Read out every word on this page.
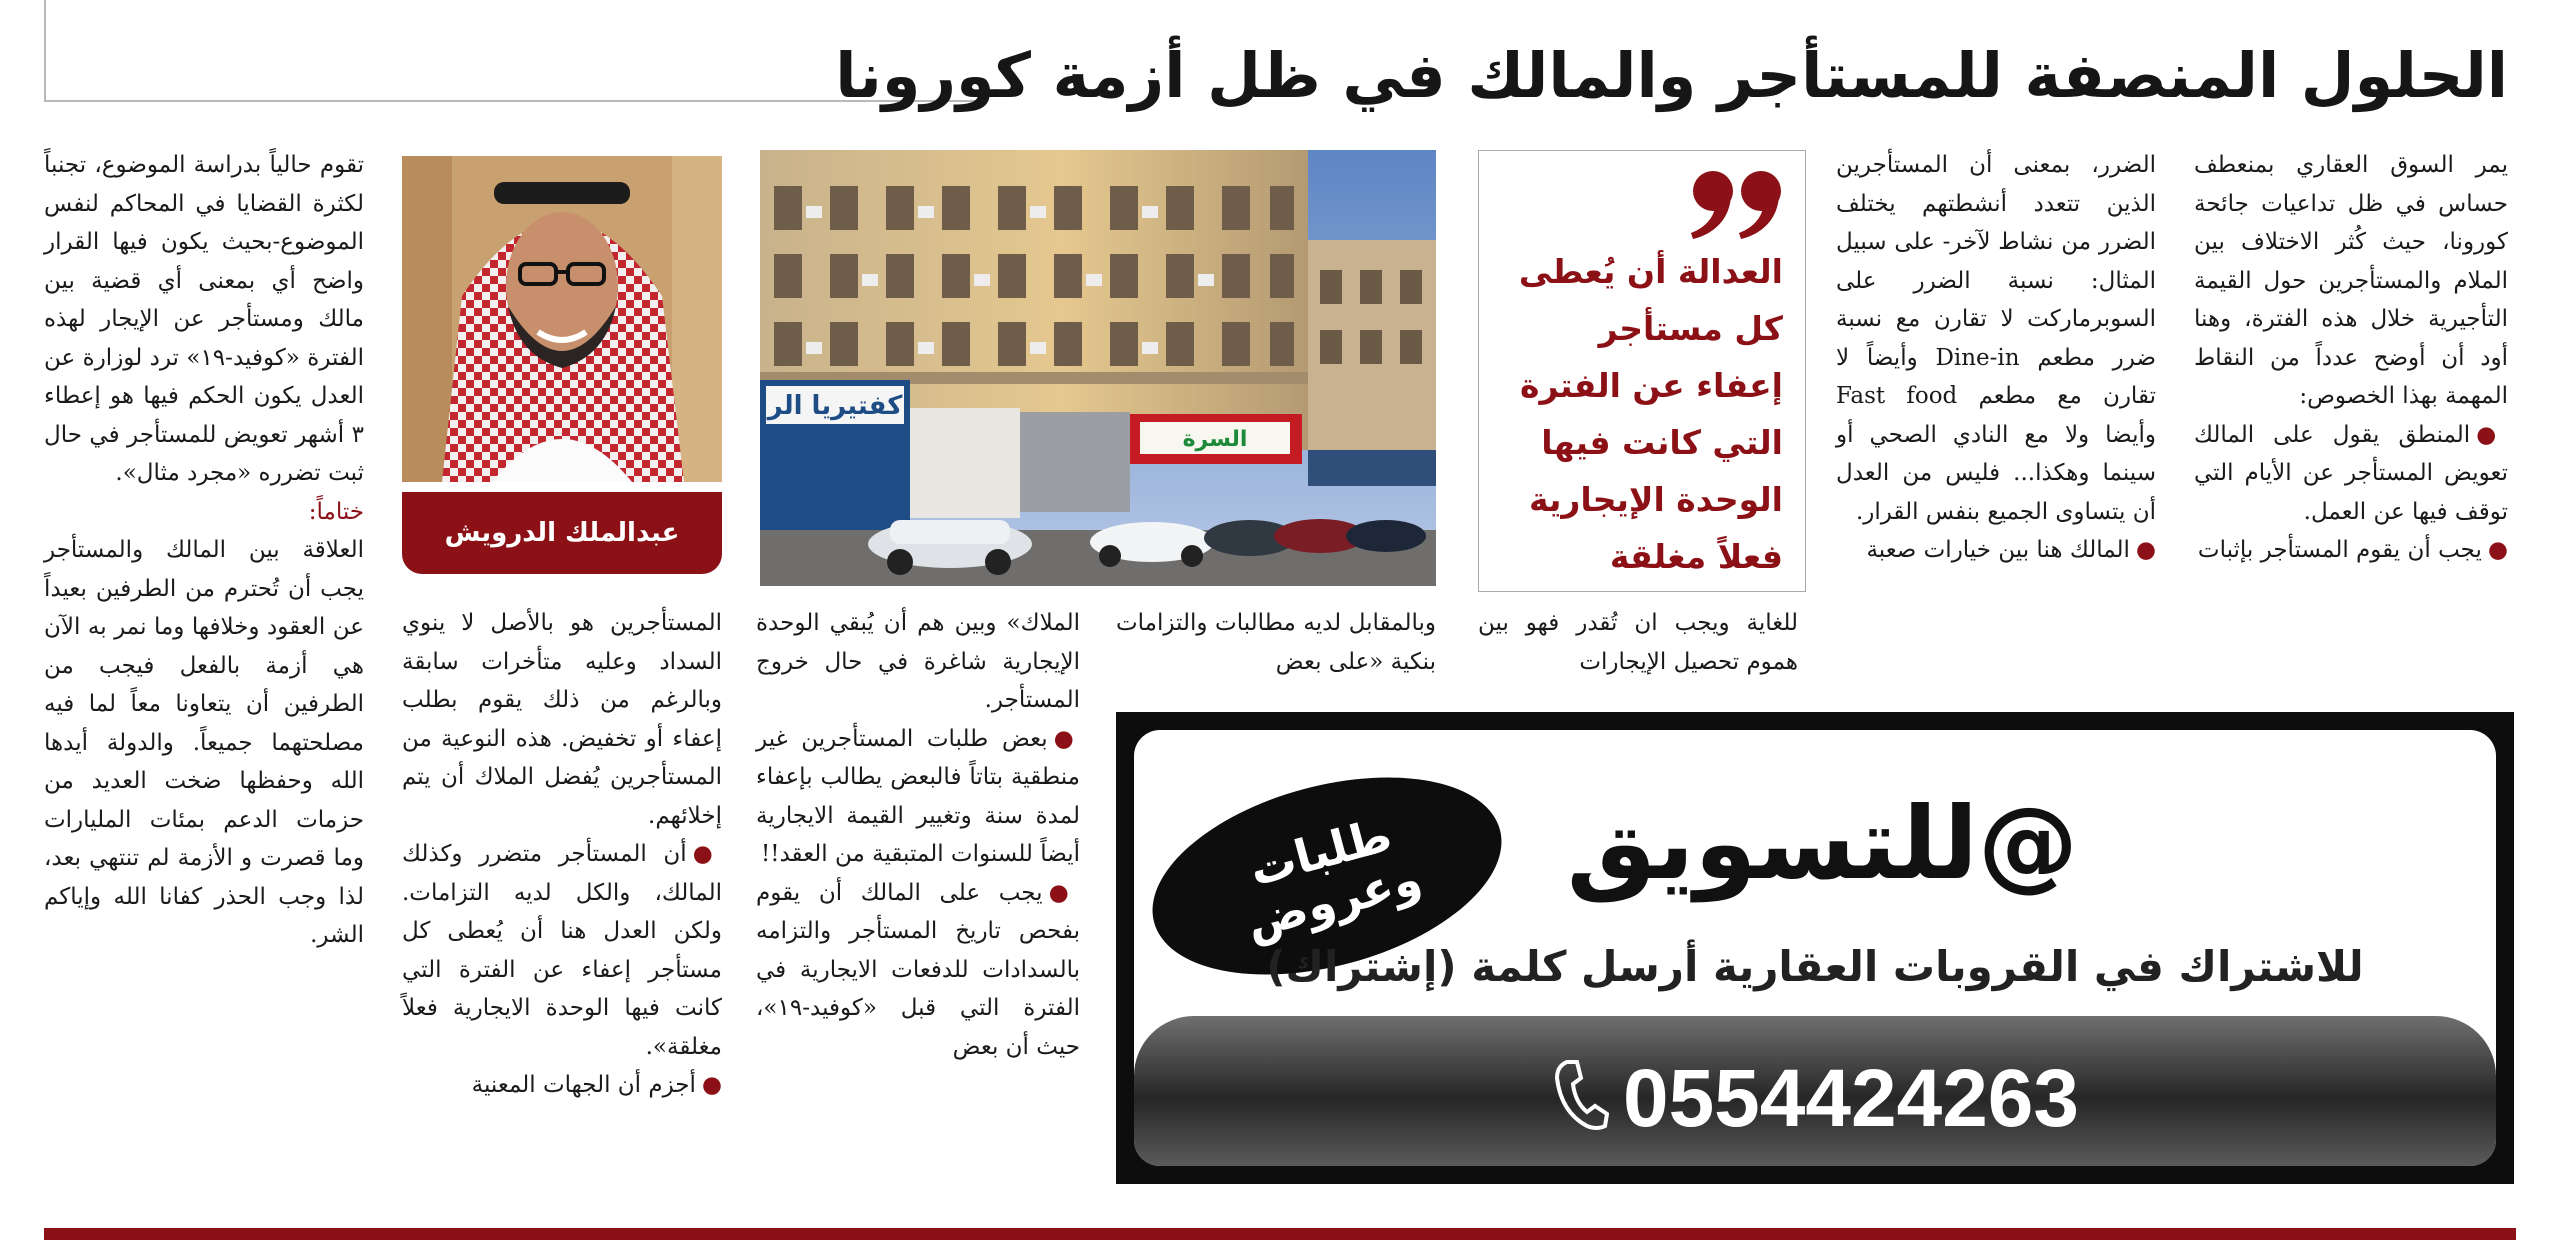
الحلول المنصفة للمستأجر والمالك في ظل أزمة كورونا

يمر السوق العقاري بمنعطف حساس في ظل تداعيات جائحة كورونا، حيث كُثر الاختلاف بين الملام والمستأجرين حول القيمة التأجيرية خلال هذه الفترة، وهنا أود أن أوضح عدداً من النقاط المهمة بهذا الخصوص:

●المنطق يقول على المالك تعويض المستأجر عن الأيام التي توقف فيها عن العمل.

●يجب أن يقوم المستأجر بإثبات

الضرر، بمعنى أن المستأجرين الذين تتعدد أنشطتهم يختلف الضرر من نشاط لآخر- على سبيل المثال: نسبة الضرر على السوبرماركت لا تقارن مع نسبة ضرر مطعم Dine-in وأيضاً لا تقارن مع مطعم Fast food وأيضا ولا مع النادي الصحي أو سينما وهكذا... فليس من العدل أن يتساوى الجميع بنفس القرار.

●المالك هنا بين خيارات صعبة

للغاية ويجب ان تُقدر فهو بين هموم تحصيل الإيجارات

وبالمقابل لديه مطالبات والتزامات بنكية «على بعض

الملاك» وبين هم أن يُبقي الوحدة الإيجارية شاغرة في حال خروج المستأجر.

●بعض طلبات المستأجرين غير منطقية بتاتاً فالبعض يطالب بإعفاء لمدة سنة وتغيير القيمة الايجارية أيضاً للسنوات المتبقية من العقد!!

●يجب على المالك أن يقوم بفحص تاريخ المستأجر والتزامه بالسدادات للدفعات الايجارية في الفترة التي قبل «كوفيد-١٩»، حيث أن بعض

المستأجرين هو بالأصل لا ينوي السداد وعليه متأخرات سابقة وبالرغم من ذلك يقوم بطلب إعفاء أو تخفيض. هذه النوعية من المستأجرين يُفضل الملاك أن يتم إخلائهم.

●أن المستأجر متضرر وكذلك المالك، والكل لديه التزامات. ولكن العدل هنا أن يُعطى كل مستأجر إعفاء عن الفترة التي كانت فيها الوحدة الايجارية فعلاً مغلقة».

●أجزم أن الجهات المعنية

تقوم حالياً بدراسة الموضوع، تجنباً لكثرة القضايا في المحاكم لنفس الموضوع-بحيث يكون فيها القرار واضح أي بمعنى أي قضية بين مالك ومستأجر عن الإيجار لهذه الفترة «كوفيد-١٩» ترد لوزارة عن العدل يكون الحكم فيها هو إعطاء ٣ أشهر تعويض للمستأجر في حال ثبت تضرره «مجرد مثال».

ختاماً:

العلاقة بين المالك والمستأجر يجب أن تُحترم من الطرفين بعيداً عن العقود وخلافها وما نمر به الآن هي أزمة بالفعل فيجب من الطرفين أن يتعاونا معاً لما فيه مصلحتهما جميعاً. والدولة أيدها الله وحفظها ضخت العديد من حزمات الدعم بمئات المليارات وما قصرت و الأزمة لم تنتهي بعد، لذا وجب الحذر كفانا الله وإياكم الشر.

العدالة أن يُعطى كل مستأجر إعفاء عن الفترة التي كانت فيها الوحدة الإيجارية فعلاً مغلقة

كفتيريا الر
السرة
عبدالملك الدرويش
طلبات وعروض @للتسويق

للاشتراك في القروبات العقارية أرسل كلمة (إشتراك)

0554424263
